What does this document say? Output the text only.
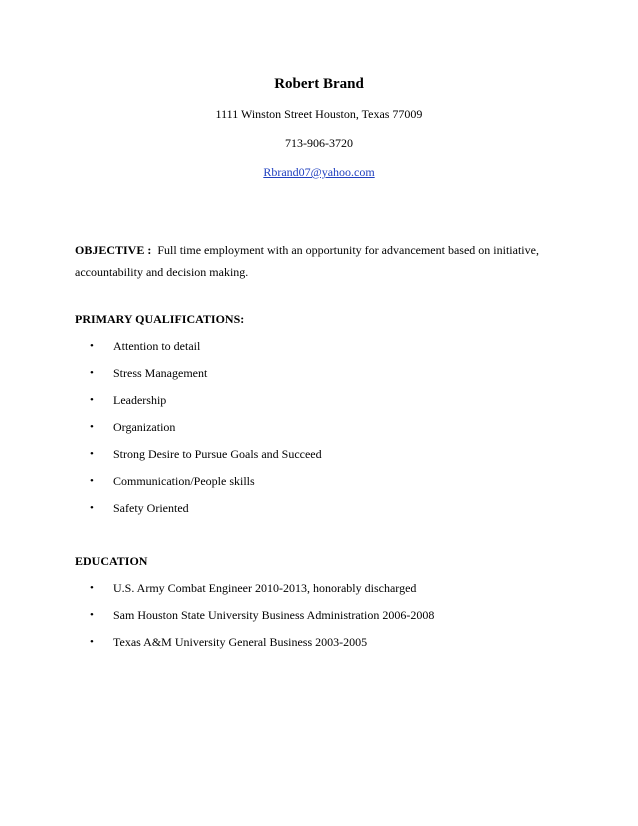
Robert Brand
1111 Winston Street Houston, Texas 77009
713-906-3720
Rbrand07@yahoo.com
OBJECTIVE : Full time employment with an opportunity for advancement based on initiative, accountability and decision making.
PRIMARY QUALIFICATIONS:
•	Attention to detail
•	Stress Management
•	Leadership
•	Organization
•	Strong Desire to Pursue Goals and Succeed
•	Communication/People skills
•	Safety Oriented
EDUCATION
•	U.S. Army Combat Engineer 2010-2013, honorably discharged
•	Sam Houston State University Business Administration 2006-2008
•	Texas A&M University General Business 2003-2005
